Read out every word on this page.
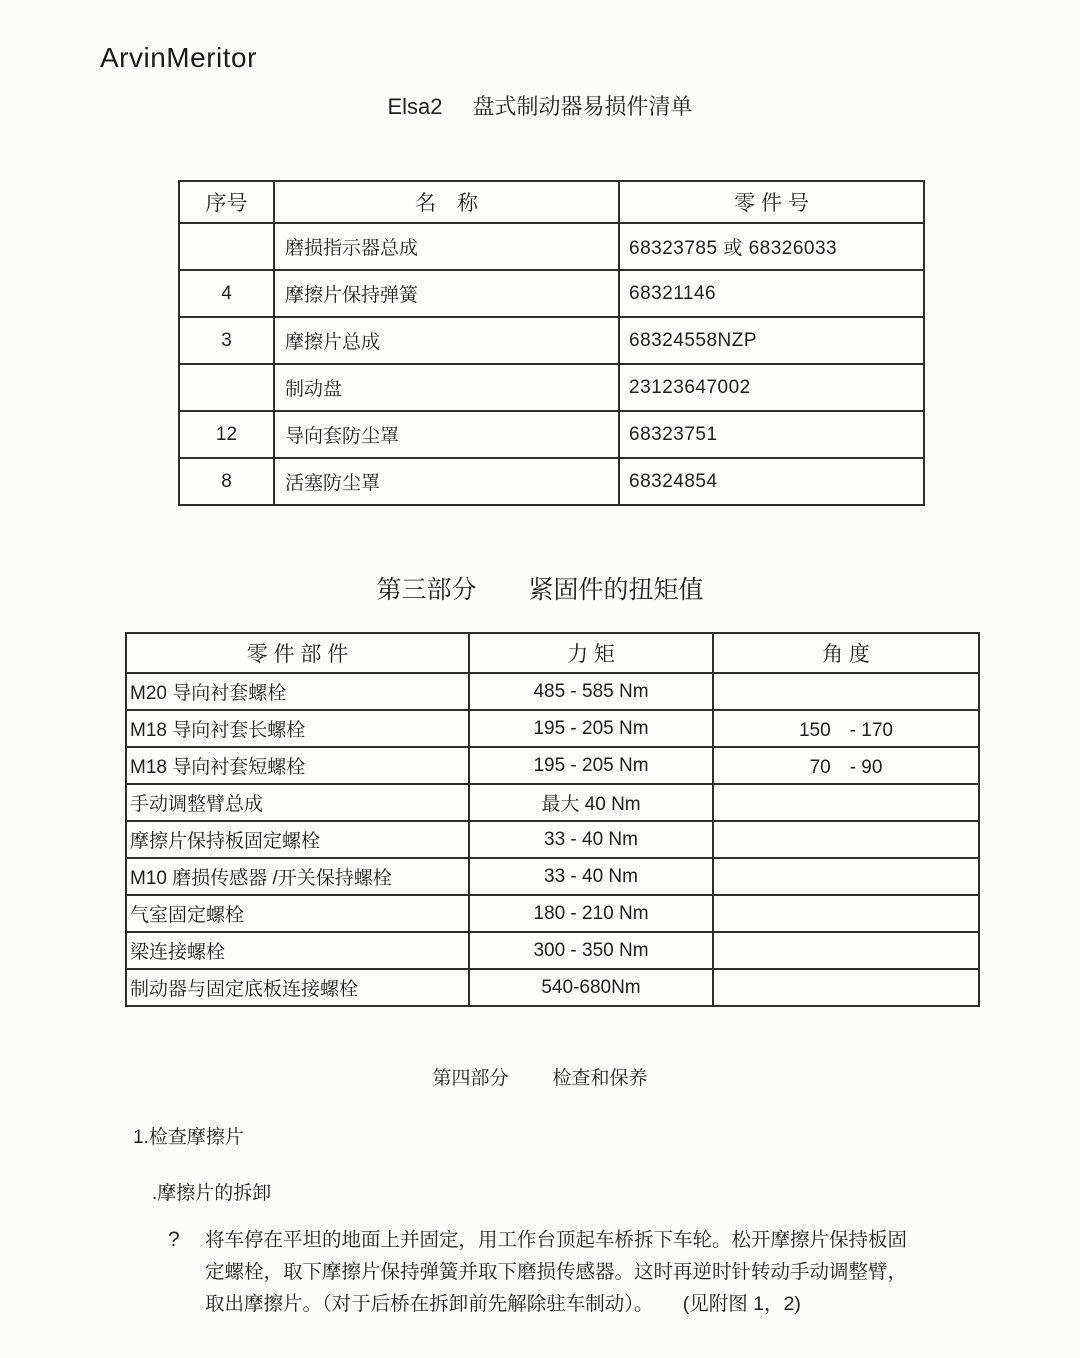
ArvinMeritor
Elsa2 盘式制动器易损件清单
序号	名　称	零 件 号
	磨损指示器总成	68323785 或 68326033
4	摩擦片保持弹簧	68321146
3	摩擦片总成	68324558NZP
	制动盘	23123647002
12	导向套防尘罩	68323751
8	活塞防尘罩	68324854
第三部分 紧固件的扭矩值
零 件 部 件	力 矩	角 度
M20 导向衬套螺栓	485 - 585 Nm	
M18 导向衬套长螺栓	195 - 205 Nm	150　- 170
M18 导向衬套短螺栓	195 - 205 Nm	70　- 90
手动调整臂总成	最大 40 Nm	
摩擦片保持板固定螺栓	33 - 40 Nm	
M10 磨损传感器 /开关保持螺栓	33 - 40 Nm	
气室固定螺栓	180 - 210 Nm	
梁连接螺栓	300 - 350 Nm	
制动器与固定底板连接螺栓	540-680Nm	
第四部分 检查和保养
1.检查摩擦片
.摩擦片的拆卸
?	将车停在平坦的地面上并固定，用工作台顶起车桥拆下车轮。松开摩擦片保持板固
定螺栓，取下摩擦片保持弹簧并取下磨损传感器。这时再逆时针转动手动调整臂，
取出摩擦片。（对于后桥在拆卸前先解除驻车制动）。　　(见附图 1，2)
